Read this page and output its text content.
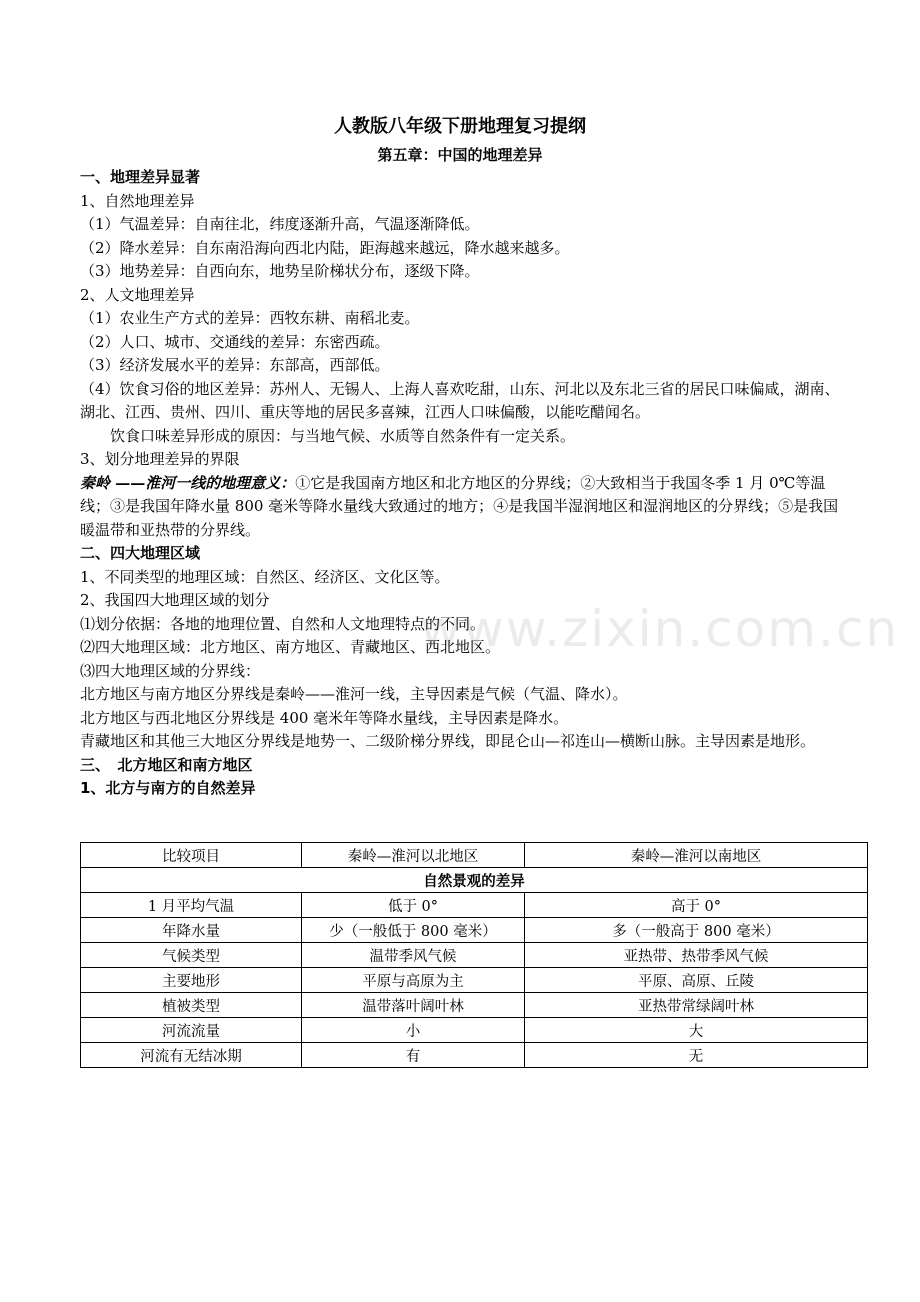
www.zixin.com.cn
人教版八年级下册地理复习提纲
第五章：中国的地理差异

一、地理差异显著

1、自然地理差异

（1）气温差异：自南往北，纬度逐渐升高，气温逐渐降低。

（2）降水差异：自东南沿海向西北内陆，距海越来越远，降水越来越多。

（3）地势差异：自西向东，地势呈阶梯状分布，逐级下降。

2、人文地理差异

（1）农业生产方式的差异：西牧东耕、南稻北麦。

（2）人口、城市、交通线的差异：东密西疏。

（3）经济发展水平的差异：东部高，西部低。

（4）饮食习俗的地区差异：苏州人、无锡人、上海人喜欢吃甜，山东、河北以及东北三省的居民口味偏咸，湖南、湖北、江西、贵州、四川、重庆等地的居民多喜辣，江西人口味偏酸，以能吃醋闻名。

饮食口味差异形成的原因：与当地气候、水质等自然条件有一定关系。

3、划分地理差异的界限

秦岭 ——淮河一线的地理意义：①它是我国南方地区和北方地区的分界线；②大致相当于我国冬季 1 月 0℃等温线；③是我国年降水量 800 毫米等降水量线大致通过的地方；④是我国半湿润地区和湿润地区的分界线；⑤是我国暖温带和亚热带的分界线。

二、四大地理区域

1、不同类型的地理区域：自然区、经济区、文化区等。

2、我国四大地理区域的划分

⑴划分依据：各地的地理位置、自然和人文地理特点的不同。

⑵四大地理区域：北方地区、南方地区、青藏地区、西北地区。

⑶四大地理区域的分界线：

北方地区与南方地区分界线是秦岭——淮河一线，主导因素是气候（气温、降水）。

北方地区与西北地区分界线是 400 毫米年等降水量线，主导因素是降水。

青藏地区和其他三大地区分界线是地势一、二级阶梯分界线，即昆仑山—祁连山—横断山脉。主导因素是地形。

三、　北方地区和南方地区

1、北方与南方的自然差异

比较项目	秦岭—淮河以北地区	秦岭—淮河以南地区
自然景观的差异		
1 月平均气温	低于 0°	高于 0°
年降水量	少（一般低于 800 毫米）	多（一般高于 800 毫米）
气候类型	温带季风气候	亚热带、热带季风气候
主要地形	平原与高原为主	平原、高原、丘陵
植被类型	温带落叶阔叶林	亚热带常绿阔叶林
河流流量	小	大
河流有无结冰期	有	无
